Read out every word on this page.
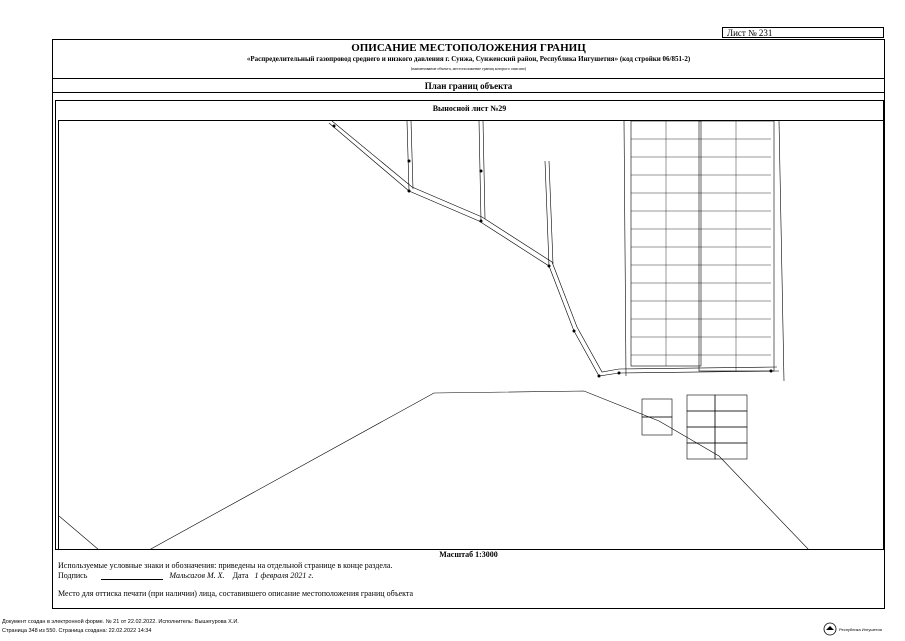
Лист № 231
ОПИСАНИЕ МЕСТОПОЛОЖЕНИЯ ГРАНИЦ
«Распределительный газопровод среднего и низкого давления г. Сунжа, Сунженский район, Республика Ингушетия» (код стройки 06/851-2)
(наименование объекта, местоположение границ которого описано)
План границ объекта
Выносной лист №29
Масштаб 1:3000
Используемые условные знаки и обозначения: приведены на отдельной странице в конце раздела.
Подпись	Мальсагов М. Х. Дата 1 февраля 2021 г.
Место для оттиска печати (при наличии) лица, составившего описание местоположения границ объекта
Документ создан в электронной форме. № 21 от 22.02.2022. Исполнитель: Вышегурова Х.И.
Страница 348 из 550. Страница создана: 22.02.2022 14:34	Республика Ингушетия
